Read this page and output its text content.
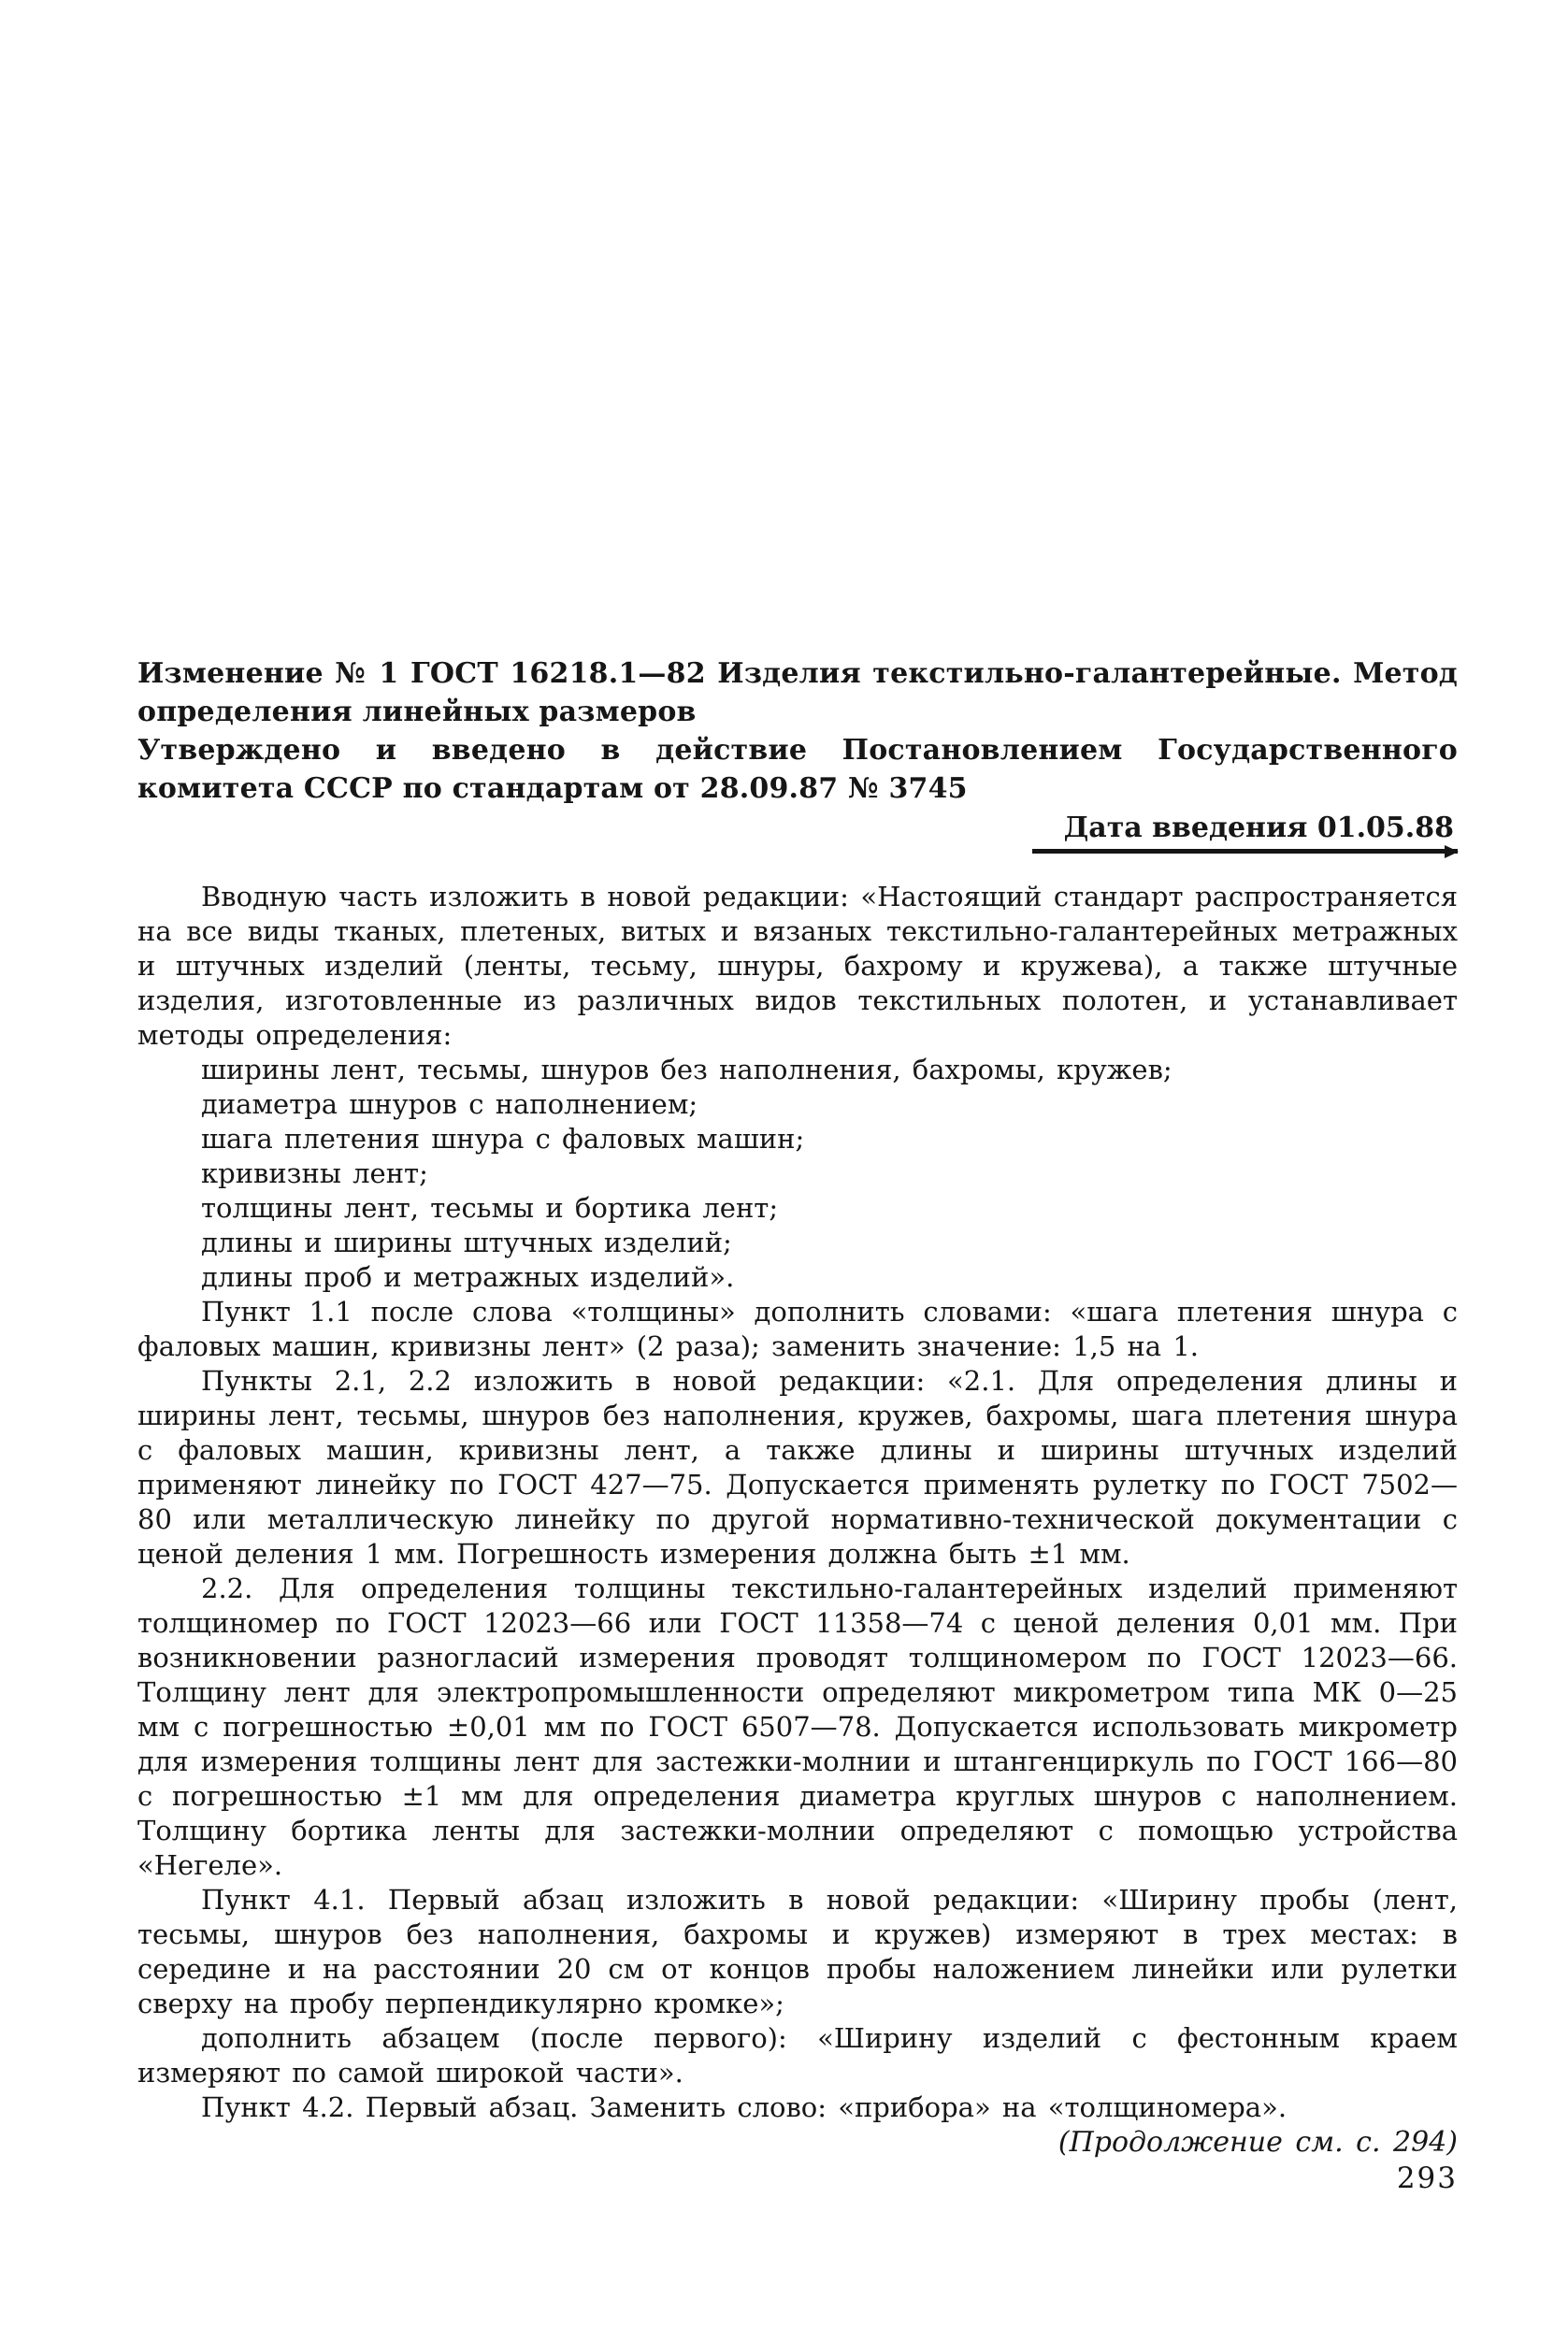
Изменение № 1 ГОСТ 16218.1—82 Изделия текстильно-галантерейные. Метод определения линейных размеров

Утверждено и введено в действие Постановлением Государственного комитета СССР по стандартам от 28.09.87 № 3745

Дата введения 01.05.88

Вводную часть изложить в новой редакции: «Настоящий стандарт распространяется на все виды тканых, плетеных, витых и вязаных текстильно-галантерейных метражных и штучных изделий (ленты, тесьму, шнуры, бахрому и кружева), а также штучные изделия, изготовленные из различных видов текстильных полотен, и устанавливает методы определения:

ширины лент, тесьмы, шнуров без наполнения, бахромы, кружев;

диаметра шнуров с наполнением;

шага плетения шнура с фаловых машин;

кривизны лент;

толщины лент, тесьмы и бортика лент;

длины и ширины штучных изделий;

длины проб и метражных изделий».

Пункт 1.1 после слова «толщины» дополнить словами: «шага плетения шнура с фаловых машин, кривизны лент» (2 раза); заменить значение: 1,5 на 1.

Пункты 2.1, 2.2 изложить в новой редакции: «2.1. Для определения длины и ширины лент, тесьмы, шнуров без наполнения, кружев, бахромы, шага плетения шнура с фаловых машин, кривизны лент, а также длины и ширины штучных изделий применяют линейку по ГОСТ 427—75. Допускается применять рулетку по ГОСТ 7502—80 или металлическую линейку по другой нормативно-технической документации с ценой деления 1 мм. Погрешность измерения должна быть ±1 мм.

2.2. Для определения толщины текстильно-галантерейных изделий применяют толщиномер по ГОСТ 12023—66 или ГОСТ 11358—74 с ценой деления 0,01 мм. При возникновении разногласий измерения проводят толщиномером по ГОСТ 12023—66. Толщину лент для электропромышленности определяют микрометром типа МК 0—25 мм с погрешностью ±0,01 мм по ГОСТ 6507—78. Допускается использовать микрометр для измерения толщины лент для застежки-молнии и штангенциркуль по ГОСТ 166—80 с погрешностью ±1 мм для определения диаметра круглых шнуров с наполнением. Толщину бортика ленты для застежки-молнии определяют с помощью устройства «Негеле».

Пункт 4.1. Первый абзац изложить в новой редакции: «Ширину пробы (лент, тесьмы, шнуров без наполнения, бахромы и кружев) измеряют в трех местах: в середине и на расстоянии 20 см от концов пробы наложением линейки или рулетки сверху на пробу перпендикулярно кромке»;

дополнить абзацем (после первого): «Ширину изделий с фестонным краем измеряют по самой широкой части».

Пункт 4.2. Первый абзац. Заменить слово: «прибора» на «толщиномера».

(Продолжение см. с. 294)

293
